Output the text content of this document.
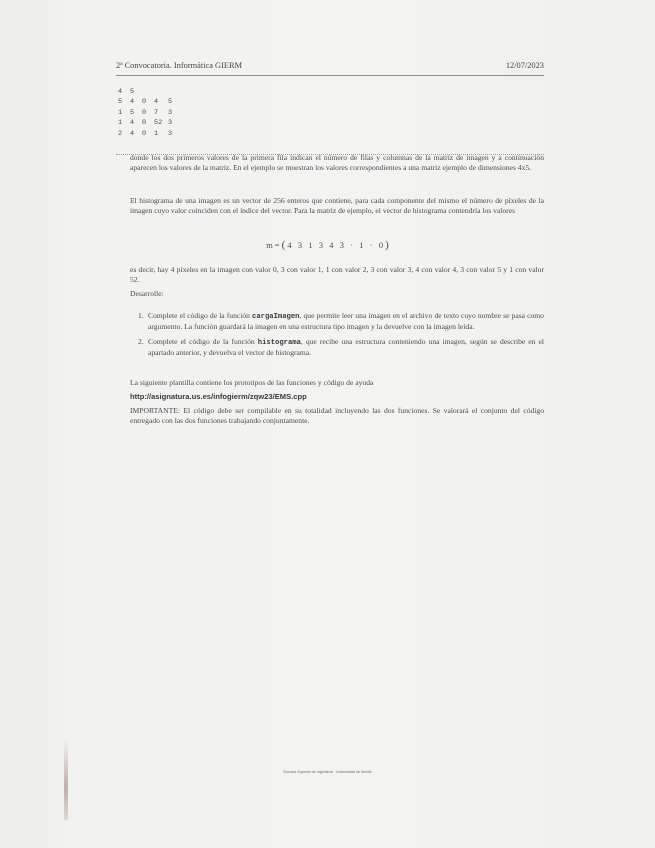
2ª Convocatoria. Informática GIERM	12/07/2023
4	5
5	4	0	4	5
1	5	0	7	3
1	4	0	52 3
2	4	0	1	3

donde los dos primeros valores de la primera fila indican el número de filas y columnas de la matriz de imagen y a continuación aparecen los valores de la matriz. En el ejemplo se muestran los valores correspondientes a una matriz ejemplo de dimensiones 4x5.

El histograma de una imagen es un vector de 256 enteros que contiene, para cada componente del mismo el número de píxeles de la imagen cuyo valor coinciden con el índice del vector. Para la matriz de ejemplo, el vector de histograma contendría los valores

m = ( 4   3   1   3   4   3   ·   1   ·   0 )

es decir, hay 4 píxeles en la imagen con valor 0, 3 con valor 1, 1 con valor 2, 3 con valor 3, 4 con valor 4, 3 con valor 5 y 1 con valor 52.

Desarrolle:

1. Complete el código de la función cargaImagen, que permite leer una imagen en el archivo de texto cuyo nombre se pasa como argumento. La función guardará la imagen en una estructura tipo imagen y la devuelve con la imagen leída.
2. Complete el código de la función histograma, que recibe una estructura conteniendo una imagen, según se describe en el apartado anterior, y devuelva el vector de histograma.

La siguiente plantilla contiene los prototipos de las funciones y código de ayuda

http://asignatura.us.es/infogierm/zqw23/EMS.cpp

IMPORTANTE: El código debe ser compilable en su totalidad incluyendo las dos funciones. Se valorará el conjunto del código entregado con las dos funciones trabajando conjuntamente.

Escuela Superior de Ingeniería · Universidad de Sevilla
